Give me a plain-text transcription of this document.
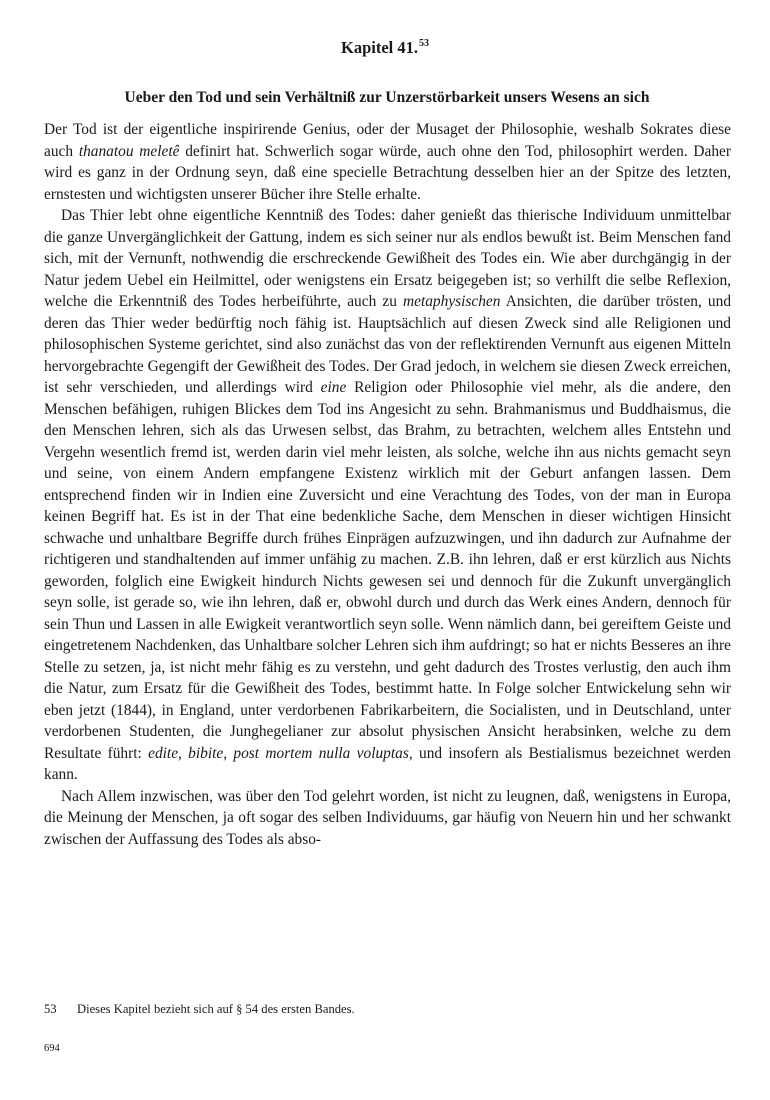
Kapitel 41.53
Ueber den Tod und sein Verhältniß zur Unzerstörbarkeit unsers Wesens an sich

Der Tod ist der eigentliche inspirirende Genius, oder der Musaget der Philosophie, weshalb Sokrates diese auch thanatou meletê definirt hat. Schwerlich sogar würde, auch ohne den Tod, philosophirt werden. Daher wird es ganz in der Ordnung seyn, daß eine specielle Betrachtung desselben hier an der Spitze des letzten, ernstesten und wichtigsten unserer Bücher ihre Stelle erhalte.

Das Thier lebt ohne eigentliche Kenntniß des Todes: daher genießt das thierische Individuum unmittelbar die ganze Unvergänglichkeit der Gattung, indem es sich seiner nur als endlos bewußt ist. Beim Menschen fand sich, mit der Vernunft, nothwendig die erschreckende Gewißheit des Todes ein. Wie aber durchgängig in der Natur jedem Uebel ein Heilmittel, oder wenigstens ein Ersatz beigegeben ist; so verhilft die selbe Reflexion, welche die Erkenntniß des Todes herbeiführte, auch zu metaphysischen Ansichten, die darüber trösten, und deren das Thier weder bedürftig noch fähig ist. Hauptsächlich auf diesen Zweck sind alle Religionen und philosophischen Systeme gerichtet, sind also zunächst das von der reflektirenden Vernunft aus eigenen Mitteln hervorgebrachte Gegengift der Gewißheit des Todes. Der Grad jedoch, in welchem sie diesen Zweck erreichen, ist sehr verschieden, und allerdings wird eine Religion oder Philosophie viel mehr, als die andere, den Menschen befähigen, ruhigen Blickes dem Tod ins Angesicht zu sehn. Brahmanismus und Buddhaismus, die den Menschen lehren, sich als das Urwesen selbst, das Brahm, zu betrachten, welchem alles Entstehn und Vergehn wesentlich fremd ist, werden darin viel mehr leisten, als solche, welche ihn aus nichts gemacht seyn und seine, von einem Andern empfangene Existenz wirklich mit der Geburt anfangen lassen. Dem entsprechend finden wir in Indien eine Zuversicht und eine Verachtung des Todes, von der man in Europa keinen Begriff hat. Es ist in der That eine bedenkliche Sache, dem Menschen in dieser wichtigen Hinsicht schwache und unhaltbare Begriffe durch frühes Einprägen aufzuzwingen, und ihn dadurch zur Aufnahme der richtigeren und standhaltenden auf immer unfähig zu machen. Z.B. ihn lehren, daß er erst kürzlich aus Nichts geworden, folglich eine Ewigkeit hindurch Nichts gewesen sei und dennoch für die Zukunft unvergänglich seyn solle, ist gerade so, wie ihn lehren, daß er, obwohl durch und durch das Werk eines Andern, dennoch für sein Thun und Lassen in alle Ewigkeit verantwortlich seyn solle. Wenn nämlich dann, bei gereiftem Geiste und eingetretenem Nachdenken, das Unhaltbare solcher Lehren sich ihm aufdringt; so hat er nichts Besseres an ihre Stelle zu setzen, ja, ist nicht mehr fähig es zu verstehn, und geht dadurch des Trostes verlustig, den auch ihm die Natur, zum Ersatz für die Gewißheit des Todes, bestimmt hatte. In Folge solcher Entwickelung sehn wir eben jetzt (1844), in England, unter verdorbenen Fabrikarbeitern, die Socialisten, und in Deutschland, unter verdorbenen Studenten, die Junghegelianer zur absolut physischen Ansicht herabsinken, welche zu dem Resultate führt: edite, bibite, post mortem nulla voluptas, und insofern als Bestialismus bezeichnet werden kann.

Nach Allem inzwischen, was über den Tod gelehrt worden, ist nicht zu leugnen, daß, wenigstens in Europa, die Meinung der Menschen, ja oft sogar des selben Individuums, gar häufig von Neuern hin und her schwankt zwischen der Auffassung des Todes als abso-

53 Dieses Kapitel bezieht sich auf § 54 des ersten Bandes.
694
